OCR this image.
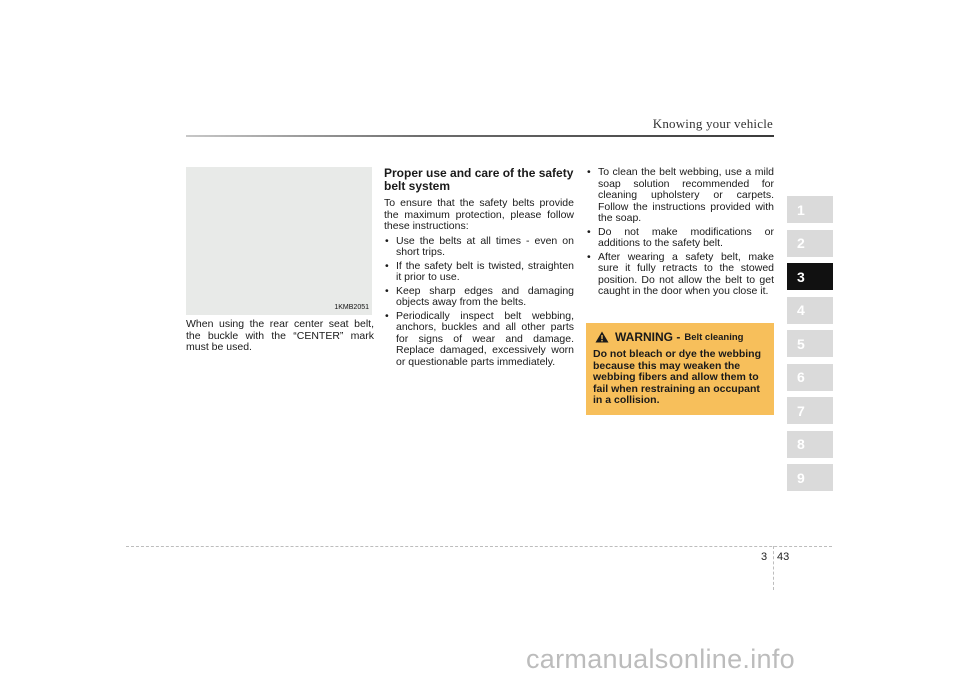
Knowing your vehicle
1KMB2051

When using the rear center seat belt, the buckle with the “CENTER” mark must be used.

Proper use and care of the safety belt system

To ensure that the safety belts provide the maximum protection, please follow these instructions:

• Use the belts at all times - even on short trips.
• If the safety belt is twisted, straighten it prior to use.
• Keep sharp edges and damaging objects away from the belts.
• Periodically inspect belt webbing, anchors, buckles and all other parts for signs of wear and damage. Replace damaged, excessively worn or questionable parts immediately.
• To clean the belt webbing, use a mild soap solution recommended for cleaning upholstery or carpets. Follow the instructions provided with the soap.
• Do not make modifications or additions to the safety belt.
• After wearing a safety belt, make sure it fully retracts to the stowed position. Do not allow the belt to get caught in the door when you close it.
WARNING - Belt cleaning
Do not bleach or dye the webbing because this may weaken the webbing fibers and allow them to fail when restraining an occupant in a collision.
1
2
3
4
5
6
7
8
9
3 43
carmanualsonline.info
